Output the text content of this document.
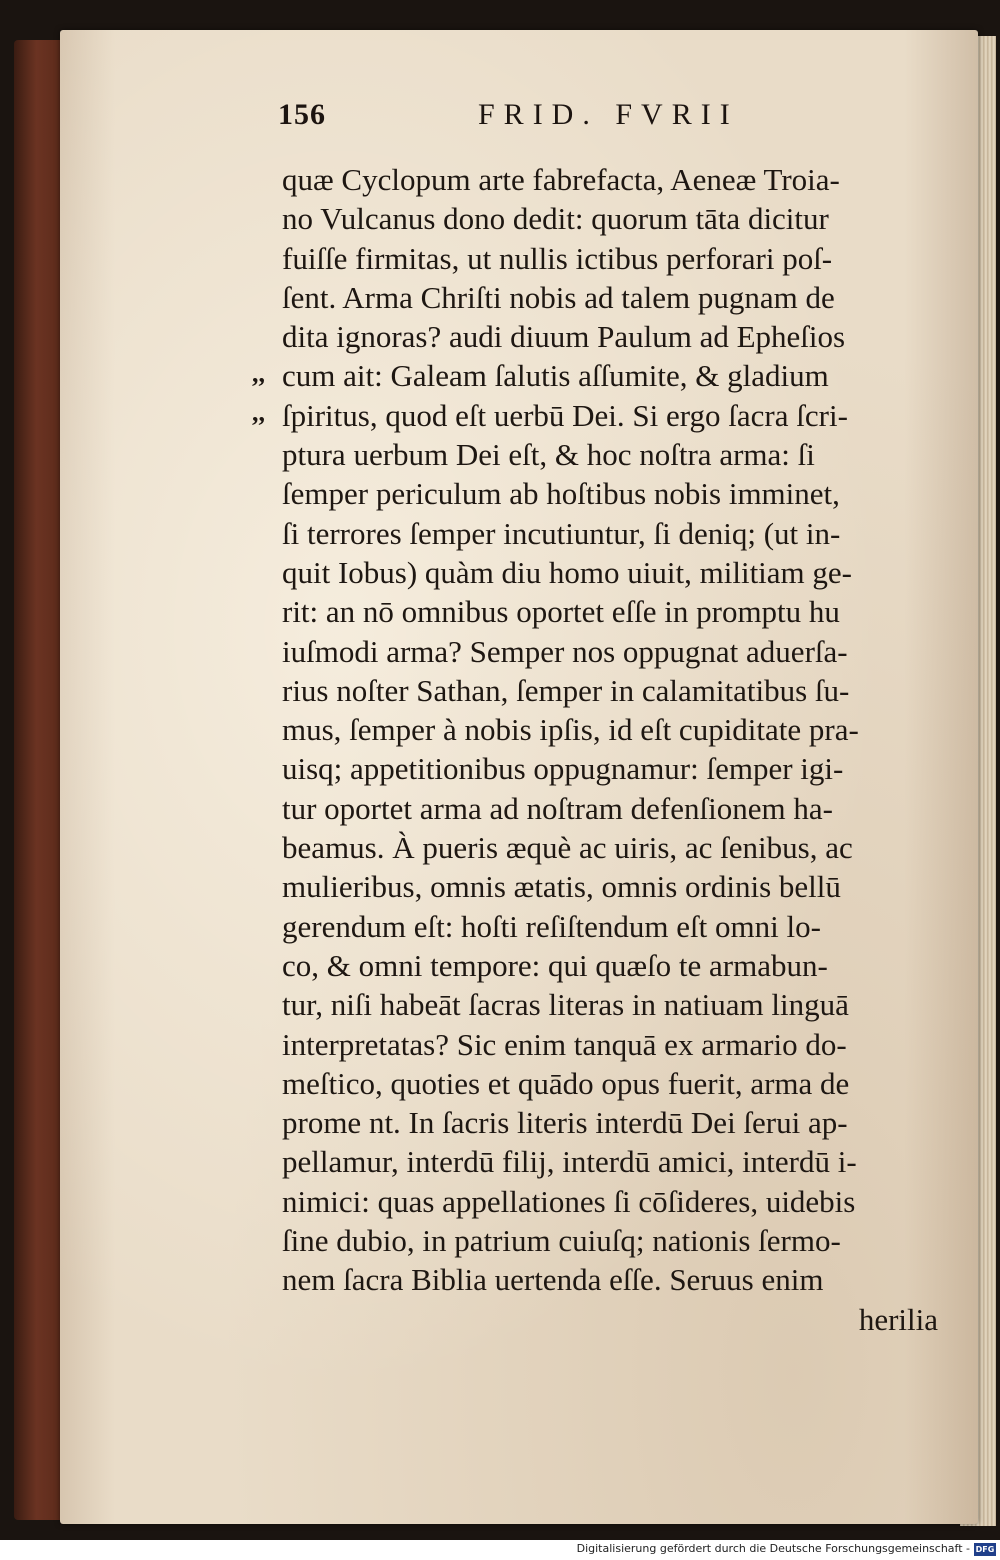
156	FRID. FVRII
quæ Cyclopum arte fabrefacta, Aeneæ Troia-
no Vulcanus dono dedit: quorum tāta dicitur
fuiſſe firmitas, ut nullis ictibus perforari poſ-
ſent. Arma Chriſti nobis ad talem pugnam de
dita ignoras? audi diuum Paulum ad Epheſios
cum ait: Galeam ſalutis aſſumite, & gladium
ſpiritus, quod eſt uerbū Dei. Si ergo ſacra ſcri-
ptura uerbum Dei eſt, & hoc noſtra arma: ſi
ſemper periculum ab hoſtibus nobis imminet,
ſi terrores ſemper incutiuntur, ſi deniq; (ut in-
quit Iobus) quàm diu homo uiuit, militiam ge-
rit: an nō omnibus oportet eſſe in promptu hu
iuſmodi arma? Semper nos oppugnat aduerſa-
rius noſter Sathan, ſemper in calamitatibus ſu-
mus, ſemper à nobis ipſis, id eſt cupiditate pra-
uisq; appetitionibus oppugnamur: ſemper igi-
tur oportet arma ad noſtram defenſionem ha-
beamus. À pueris æquè ac uiris, ac ſenibus, ac
mulieribus, omnis ætatis, omnis ordinis bellū
gerendum eſt: hoſti reſiſtendum eſt omni lo-
co, & omni tempore: qui quæſo te armabun-
tur, niſi habeāt ſacras literas in natiuam linguā
interpretatas? Sic enim tanquā ex armario do-
meſtico, quoties et quādo opus fuerit, arma de
prome nt. In ſacris literis interdū Dei ſerui ap-
pellamur, interdū filij, interdū amici, interdū i-
nimici: quas appellationes ſi cōſideres, uidebis
ſine dubio, in patrium cuiuſq; nationis ſermo-
nem ſacra Biblia uertenda eſſe. Seruus enim
herilia
,,
,,
Digitalisierung gefördert durch die Deutsche Forschungsgemeinschaft - DFG
